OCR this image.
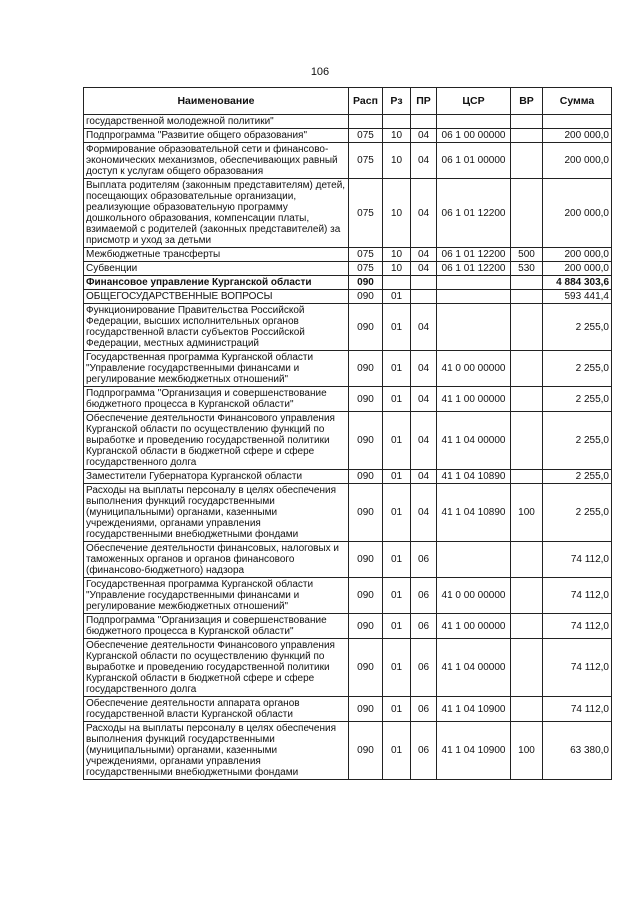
106
Наименование	Расп	Рз	ПР	ЦСР	ВР	Сумма
государственной молодежной политики"						
Подпрограмма "Развитие общего образования"	075	10	04	06 1 00 00000		200 000,0
Формирование образовательной сети и финансово-экономических механизмов, обеспечивающих равный доступ к услугам общего образования	075	10	04	06 1 01 00000		200 000,0
Выплата родителям (законным представителям) детей, посещающих образовательные организации, реализующие образовательную программу дошкольного образования, компенсации платы, взимаемой с родителей (законных представителей) за присмотр и уход за детьми	075	10	04	06 1 01 12200		200 000,0
Межбюджетные трансферты	075	10	04	06 1 01 12200	500	200 000,0
Субвенции	075	10	04	06 1 01 12200	530	200 000,0
Финансовое управление Курганской области	090					4 884 303,6
ОБЩЕГОСУДАРСТВЕННЫЕ ВОПРОСЫ	090	01				593 441,4
Функционирование Правительства Российской Федерации, высших исполнительных органов государственной власти субъектов Российской Федерации, местных администраций	090	01	04			2 255,0
Государственная программа Курганской области "Управление государственными финансами и регулирование межбюджетных отношений"	090	01	04	41 0 00 00000		2 255,0
Подпрограмма "Организация и совершенствование бюджетного процесса в Курганской области"	090	01	04	41 1 00 00000		2 255,0
Обеспечение деятельности Финансового управления Курганской области по осуществлению функций по выработке и проведению государственной политики Курганской области в бюджетной сфере и сфере государственного долга	090	01	04	41 1 04 00000		2 255,0
Заместители Губернатора Курганской области	090	01	04	41 1 04 10890		2 255,0
Расходы на выплаты персоналу в целях обеспечения выполнения функций государственными (муниципальными) органами, казенными учреждениями, органами управления государственными внебюджетными фондами	090	01	04	41 1 04 10890	100	2 255,0
Обеспечение деятельности финансовых, налоговых и таможенных органов и органов финансового (финансово-бюджетного) надзора	090	01	06			74 112,0
Государственная программа Курганской области "Управление государственными финансами и регулирование межбюджетных отношений"	090	01	06	41 0 00 00000		74 112,0
Подпрограмма "Организация и совершенствование бюджетного процесса в Курганской области"	090	01	06	41 1 00 00000		74 112,0
Обеспечение деятельности Финансового управления Курганской области по осуществлению функций по выработке и проведению государственной политики Курганской области в бюджетной сфере и сфере государственного долга	090	01	06	41 1 04 00000		74 112,0
Обеспечение деятельности аппарата органов государственной власти Курганской области	090	01	06	41 1 04 10900		74 112,0
Расходы на выплаты персоналу в целях обеспечения выполнения функций государственными (муниципальными) органами, казенными учреждениями, органами управления государственными внебюджетными фондами	090	01	06	41 1 04 10900	100	63 380,0
